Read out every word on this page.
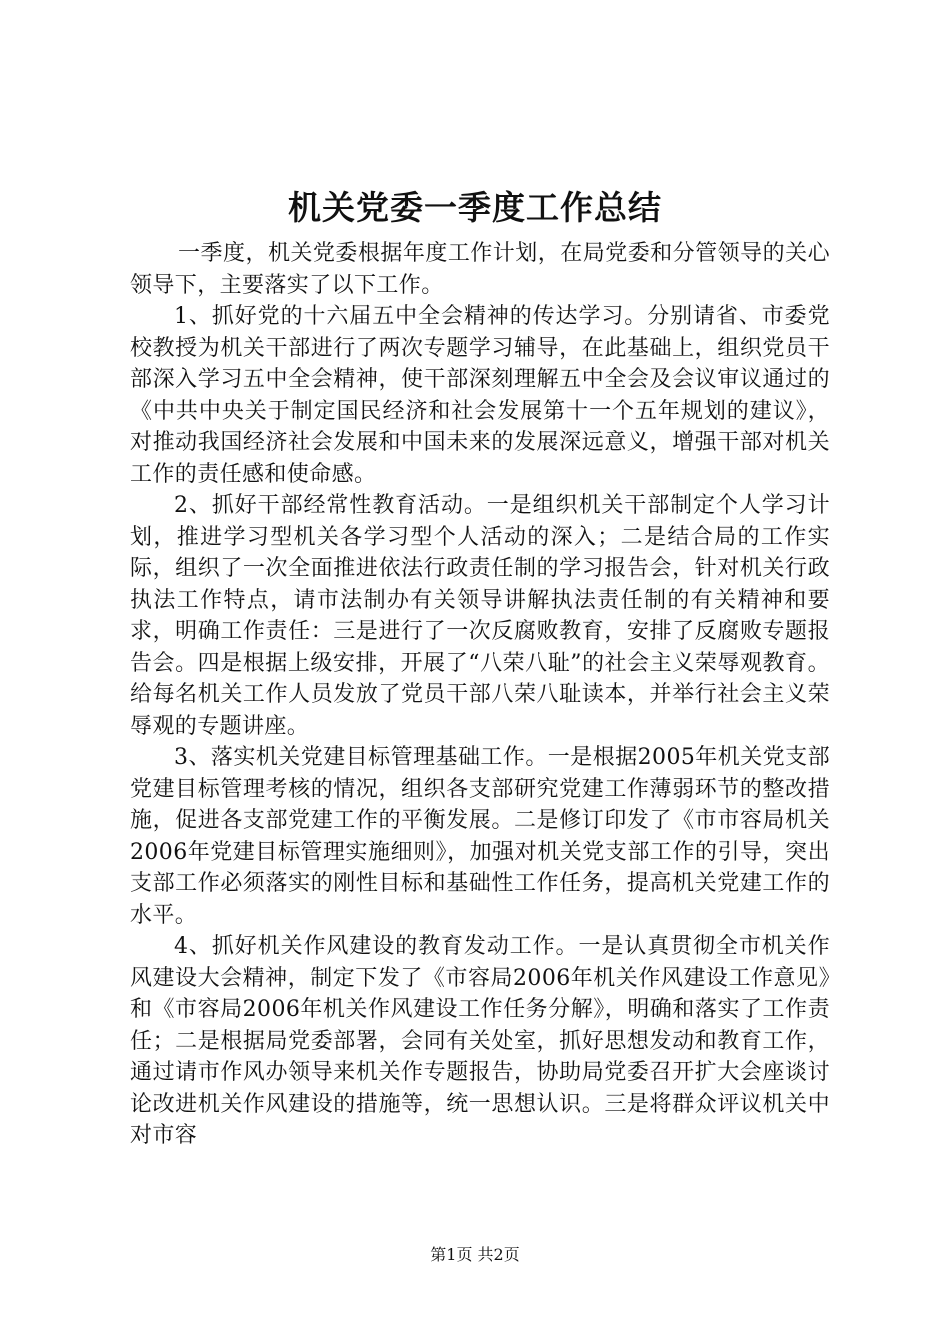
机关党委一季度工作总结

一季度，机关党委根据年度工作计划，在局党委和分管领导的关心领导下，主要落实了以下工作。

1、抓好党的十六届五中全会精神的传达学习。分别请省、市委党校教授为机关干部进行了两次专题学习辅导，在此基础上，组织党员干部深入学习五中全会精神，使干部深刻理解五中全会及会议审议通过的《中共中央关于制定国民经济和社会发展第十一个五年规划的建议》，对推动我国经济社会发展和中国未来的发展深远意义，增强干部对机关工作的责任感和使命感。

2、抓好干部经常性教育活动。一是组织机关干部制定个人学习计划，推进学习型机关各学习型个人活动的深入；二是结合局的工作实际，组织了一次全面推进依法行政责任制的学习报告会，针对机关行政执法工作特点，请市法制办有关领导讲解执法责任制的有关精神和要求，明确工作责任：三是进行了一次反腐败教育，安排了反腐败专题报告会。四是根据上级安排，开展了“八荣八耻”的社会主义荣辱观教育。给每名机关工作人员发放了党员干部八荣八耻读本，并举行社会主义荣辱观的专题讲座。

3、落实机关党建目标管理基础工作。一是根据2005年机关党支部党建目标管理考核的情况，组织各支部研究党建工作薄弱环节的整改措施，促进各支部党建工作的平衡发展。二是修订印发了《市市容局机关2006年党建目标管理实施细则》，加强对机关党支部工作的引导，突出支部工作必须落实的刚性目标和基础性工作任务，提高机关党建工作的水平。

4、抓好机关作风建设的教育发动工作。一是认真贯彻全市机关作风建设大会精神，制定下发了《市容局2006年机关作风建设工作意见》和《市容局2006年机关作风建设工作任务分解》，明确和落实了工作责任；二是根据局党委部署，会同有关处室，抓好思想发动和教育工作，通过请市作风办领导来机关作专题报告，协助局党委召开扩大会座谈讨论改进机关作风建设的措施等，统一思想认识。三是将群众评议机关中对市容

第1页 共2页
